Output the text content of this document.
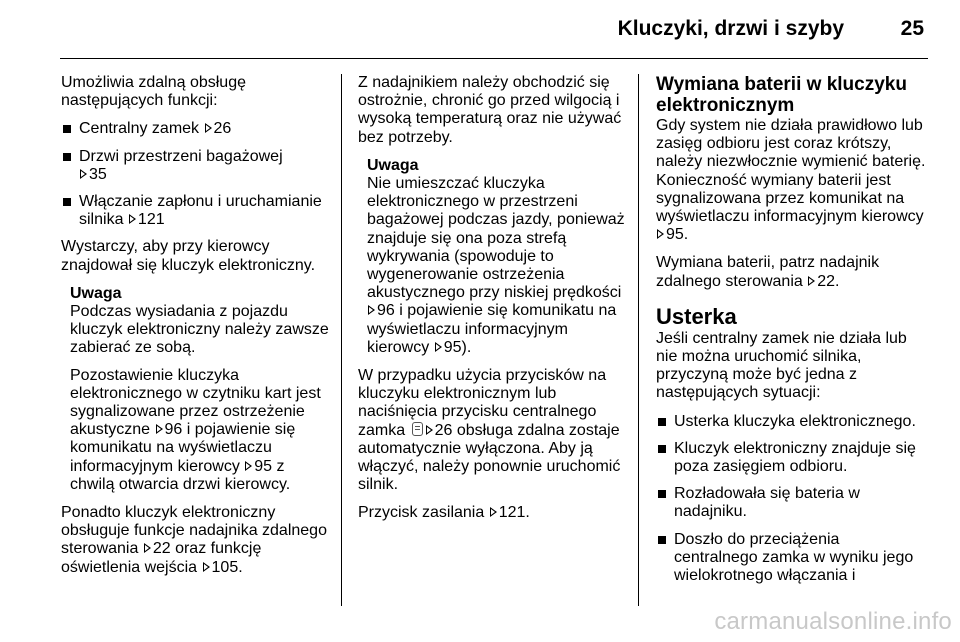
Kluczyki, drzwi i szyby	25

Umożliwia zdalną obsługę następujących funkcji:

Centralny zamek 26
Drzwi przestrzeni bagażowej
35
Włączanie zapłonu i uruchamianie silnika 121

Wystarczy, aby przy kierowcy znajdował się kluczyk elektroniczny.

Uwaga

Podczas wysiadania z pojazdu kluczyk elektroniczny należy zawsze zabierać ze sobą.

Pozostawienie kluczyka elektronicznego w czytniku kart jest sygnalizowane przez ostrzeżenie akustyczne 96 i pojawienie się komunikatu na wyświetlaczu informacyjnym kierowcy 95 z chwilą otwarcia drzwi kierowcy.

Ponadto kluczyk elektroniczny obsługuje funkcje nadajnika zdalnego sterowania 22 oraz funkcję oświetlenia wejścia 105.

Z nadajnikiem należy obchodzić się ostrożnie, chronić go przed wilgocią i wysoką temperaturą oraz nie używać bez potrzeby.

Uwaga

Nie umieszczać kluczyka elektronicznego w przestrzeni bagażowej podczas jazdy, ponieważ znajduje się ona poza strefą wykrywania (spowoduje to wygenerowanie ostrzeżenia akustycznego przy niskiej prędkości 96 i pojawienie się komunikatu na wyświetlaczu informacyjnym kierowcy 95).

W przypadku użycia przycisków na kluczyku elektronicznym lub naciśnięcia przycisku centralnego zamka 26 obsługa zdalna zostaje automatycznie wyłączona. Aby ją włączyć, należy ponownie uruchomić silnik.

Przycisk zasilania 121.

Wymiana baterii w kluczyku elektronicznym

Gdy system nie działa prawidłowo lub zasięg odbioru jest coraz krótszy, należy niezwłocznie wymienić baterię. Konieczność wymiany baterii jest sygnalizowana przez komunikat na wyświetlaczu informacyjnym kierowcy 95.

Wymiana baterii, patrz nadajnik zdalnego sterowania 22.

Usterka

Jeśli centralny zamek nie działa lub nie można uruchomić silnika, przyczyną może być jedna z następujących sytuacji:

Usterka kluczyka elektronicznego.
Kluczyk elektroniczny znajduje się poza zasięgiem odbioru.
Rozładowała się bateria w nadajniku.
Doszło do przeciążenia centralnego zamka w wyniku jego wielokrotnego włączania i
carmanualsonline.info
